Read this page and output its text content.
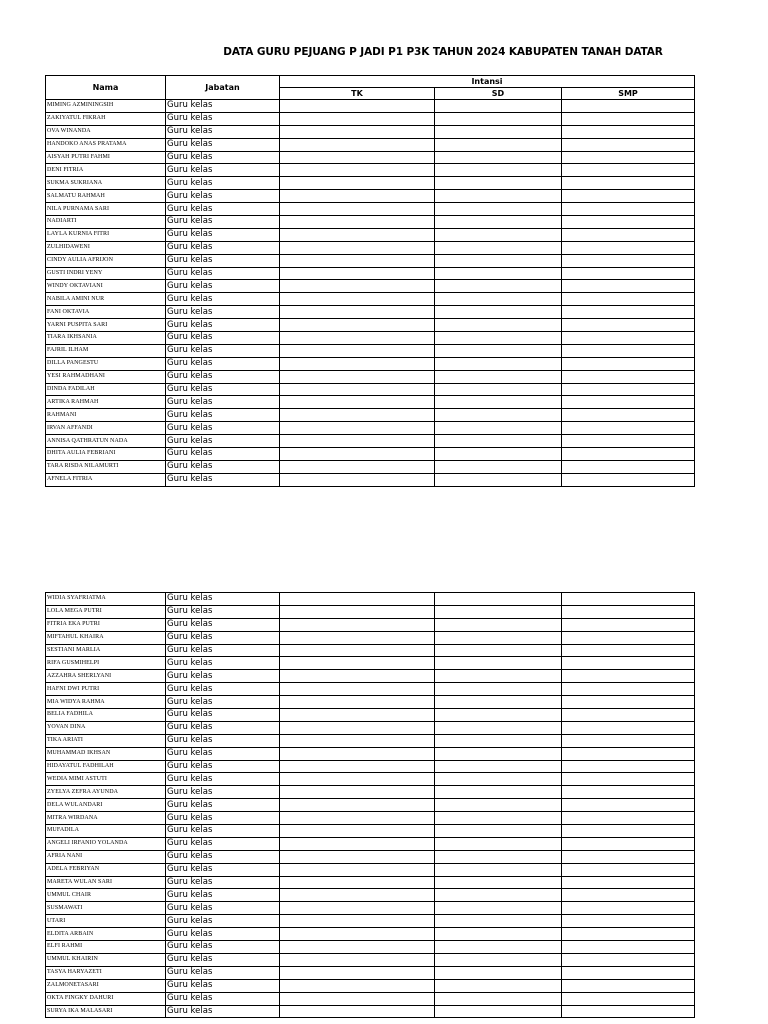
DATA GURU PEJUANG P JADI P1 P3K TAHUN 2024 KABUPATEN TANAH DATAR
Nama	Jabatan	Intansi		
		TK	SD	SMP
MIMING AZMININGSIH	Guru kelas			
ZAKIYATUL FIKRAH	Guru kelas			
OVA WINANDA	Guru kelas			
HANDOKO ANAS PRATAMA	Guru kelas			
AISYAH PUTRI FAHMI	Guru kelas			
DENI FITRIA	Guru kelas			
SUKMA SUKRIANA	Guru kelas			
SALMATU RAHMAH	Guru kelas			
NILA PURNAMA SARI	Guru kelas			
NADIARTI	Guru kelas			
LAYLA KURNIA FITRI	Guru kelas			
ZULHIDAWENI	Guru kelas			
CINDY AULIA AFRIJON	Guru kelas			
GUSTI INDRI YENY	Guru kelas			
WINDY OKTAVIANI	Guru kelas			
NABILA AMINI NUR	Guru kelas			
FANI OKTAVIA	Guru kelas			
YARNI PUSPITA SARI	Guru kelas			
TIARA IKHSANIA	Guru kelas			
FAJRIL ILHAM	Guru kelas			
DILLA PANGESTU	Guru kelas			
YESI RAHMADHANI	Guru kelas			
DINDA FADILAH	Guru kelas			
ARTIKA RAHMAH	Guru kelas			
RAHMANI	Guru kelas			
IRVAN AFFANDI	Guru kelas			
ANNISA QATHRATUN NADA	Guru kelas			
DHITA AULIA FEBRIANI	Guru kelas			
TARA RISDA NILAMURTI	Guru kelas			
AFNELA FITRIA	Guru kelas			
WIDIA SYAFRIATMA	Guru kelas			
LOLA MEGA PUTRI	Guru kelas			
FITRIA EKA PUTRI	Guru kelas			
MIFTAHUL KHAIRA	Guru kelas			
SESTIANI MARLIA	Guru kelas			
RIFA GUSMIHELPI	Guru kelas			
AZZAHRA SHERLYANI	Guru kelas			
HAFNI DWI PUTRI	Guru kelas			
MIA WIDYA RAHMA	Guru kelas			
BELIA FADHILA	Guru kelas			
YOVAN DINA	Guru kelas			
TIKA ARIATI	Guru kelas			
MUHAMMAD IKHSAN	Guru kelas			
HIDAYATUL FADHILAH	Guru kelas			
WEDIA MIMI ASTUTI	Guru kelas			
ZYELYA ZEFRA AYUNDA	Guru kelas			
DELA WULANDARI	Guru kelas			
MITRA WIRDANA	Guru kelas			
MUFADILA	Guru kelas			
ANGELI IRFANIO YOLANDA	Guru kelas			
AFRIA NANI	Guru kelas			
ADELA FEBRIYAN	Guru kelas			
MARETA WULAN SARI	Guru kelas			
UMMUL CHAIR	Guru kelas			
SUSMAWATI	Guru kelas			
UTARI	Guru kelas			
ELDITA ARBAIN	Guru kelas			
ELFI RAHMI	Guru kelas			
UMMUL KHAIRIN	Guru kelas			
TASYA HARYAZETI	Guru kelas			
ZALMONETASARI	Guru kelas			
OKTA FINGKY DAHURI	Guru kelas			
SURYA IKA MALASARI	Guru kelas			
